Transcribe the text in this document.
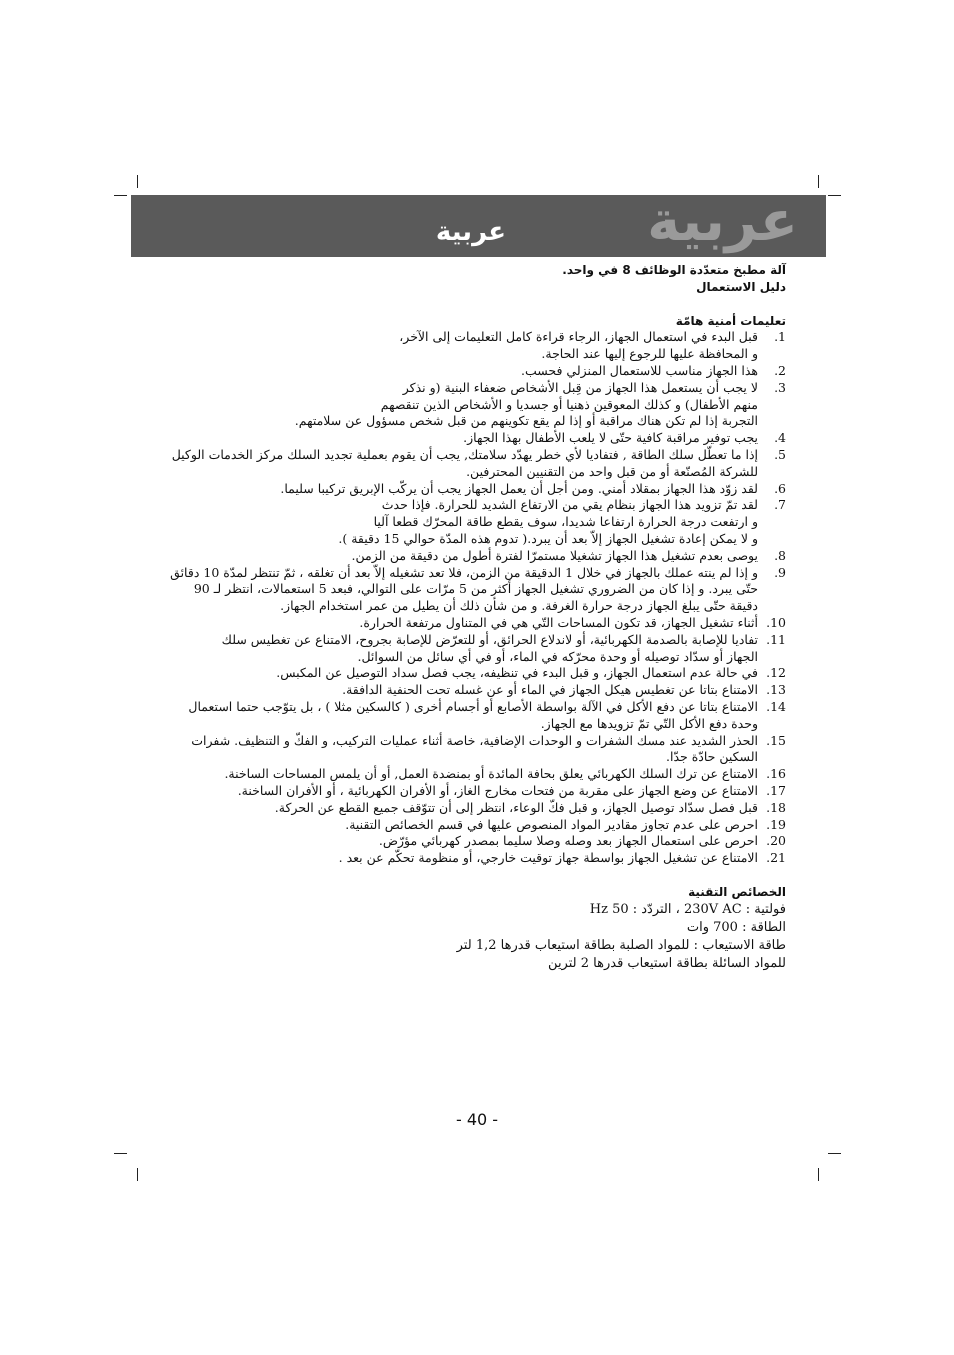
عربية
عربية
آلة مطبخ متعدّدة الوظائف 8 في واحد.
دليل الاستعمال
تعليمات أمنية هامّة
1.
قبل البدء في استعمال الجهاز، الرجاء قراءة كامل التعليمات إلى الآخر،
و المحافظة عليها للرجوع إليها عند الحاجة.
2.
هذا الجهاز مناسب للاستعمال المنزلي فحسب.
3.
لا يجب أن يستعمل هذا الجهاز من قِبل الأشخاص ضعفاء البنية (و نذكر
منهم الأطفال) و كذلك المعوقين ذهنيا أو جسديا و الأشخاص الذين تنقصهم
التجربة إذا لم تكن هناك مراقبة أو إذا لم يقع تكوينهم من قبل شخص مسؤول عن سلامتهم.
4.
يجب توفير مراقبة كافية حتّى لا يلعب الأطفال بهذا الجهاز.
5.
إذا ما تعطّل سلك الطاقة , فتفاديا لأي خطر يهدّد سلامتك, يجب أن يقوم بعملية تجديد السلك مركز الخدمات الوكيل
للشركة المُصنّعة أو من قبل واحد من التقنيين المحترفين.
6.
لقد زوّد هذا الجهاز بمقلاد أمني. ومن أجل أن يعمل الجهاز يجب أن يركّب الإبريق تركيبا سليما.
7.
لقد تمّ تزويد هذا الجهاز بنظام يقي من الارتفاع الشديد للحرارة. فإذا حدث
و ارتفعت درجة الحرارة ارتفاعا شديدا، سوف يقطع طاقة المحرّك قطعا آليا
و لا يمكن إعادة تشغيل الجهاز إلاّ بعد أن يبرد.( تدوم هذه المدّة حوالي 15 دقيقة ).
8.
يوصى بعدم تشغيل هذا الجهاز تشغيلا مستمرّا لفترة أطول من دقيقة من الزمن.
9.
و إذا لم ينته عملك بالجهاز في خلال 1 الدقيقة من الزمن، فلا تعد تشغيله إلاّ بعد أن تغلقه ، ثمّ تنتظر لمدّة 10 دقائق
حتّى يبرد. و إذا كان من الضروري تشغيل الجهاز أكثر من 5 مرّات على التوالي، فبعد 5 استعمالات، انتظر لـ 90
دقيقة حتّى يبلغ الجهاز درجة حرارة الغرفة. و من شأن ذلك أن يطيل من عمر استخدام الجهاز.
10.
أثناء تشغيل الجهاز، قد تكون المساحات التّي هي في المتناول مرتفعة الحرارة.
11.
تفاديا للإصابة بالصدمة الكهربائية، أو لاندلاع الحرائق، أو للتعرّض للإصابة بجروح، الامتناع عن تغطيس سلك
الجهاز أو سدّاد توصيله أو وحدة محرّكه في الماء، أو في أي سائل من السوائل.
12.
في حالة عدم استعمال الجهاز، و قبل البدء في تنظيفه، يجب فصل سداد التوصيل عن المكبس.
13.
الامتناع بتاتا عن تغطيس هيكل الجهاز في الماء أو عن غسله تحت الحنفية الدافقة.
14.
الامتناع بتاتا عن دفع الأكل في الآلة بواسطة الأصابع أو أجسام أخرى ( كالسكين مثلا ) ، بل يتوّجب حتما استعمال
وحدة دفع الأكل التّي تمّ تزويدها مع الجهاز.
15.
الحذر الشديد عند مسك الشفرات و الوحدات الإضافية، خاصة أثناء عمليات التركيب، و الفكّ و التنظيف. شفرات
السكين حادّة جدّا.
16.
الامتناع عن ترك السلك الكهربائي يعلق بحافة المائدة أو بمنضدة العمل, أو أن يلمس المساحات الساخنة.
17.
الامتناع عن وضع الجهاز على مقربة من فتحات مخارج الغاز، أو الأفران الكهربائية ، أو الأفران الساخنة.
18.
قبل فصل سدّاد توصيل الجهاز، و قبل فكّ الوعاء، انتظر إلى أن تتوّقف جميع القطع عن الحركة.
19.
احرص على عدم تجاوز مقادير المواد المنصوص عليها في قسم الخصائص التقنية.
20.
احرص على استعمال الجهاز بعد وصله وصلا سليما بمصدر كهربائي مؤرّض.
21.
الامتناع عن تشغيل الجهاز بواسطة جهاز توقيت خارجي، أو منظومة تحكّم عن بعد .
الخصائص التقنية
فولتية : 230V AC ، التردّد : 50 Hz
الطاقة : 700 وات
طاقة الاستيعاب : للمواد الصلبة بطاقة استيعاب قدرها 1,2 لتر
للمواد السائلة بطاقة استيعاب قدرها 2 لترين
- 40 -
